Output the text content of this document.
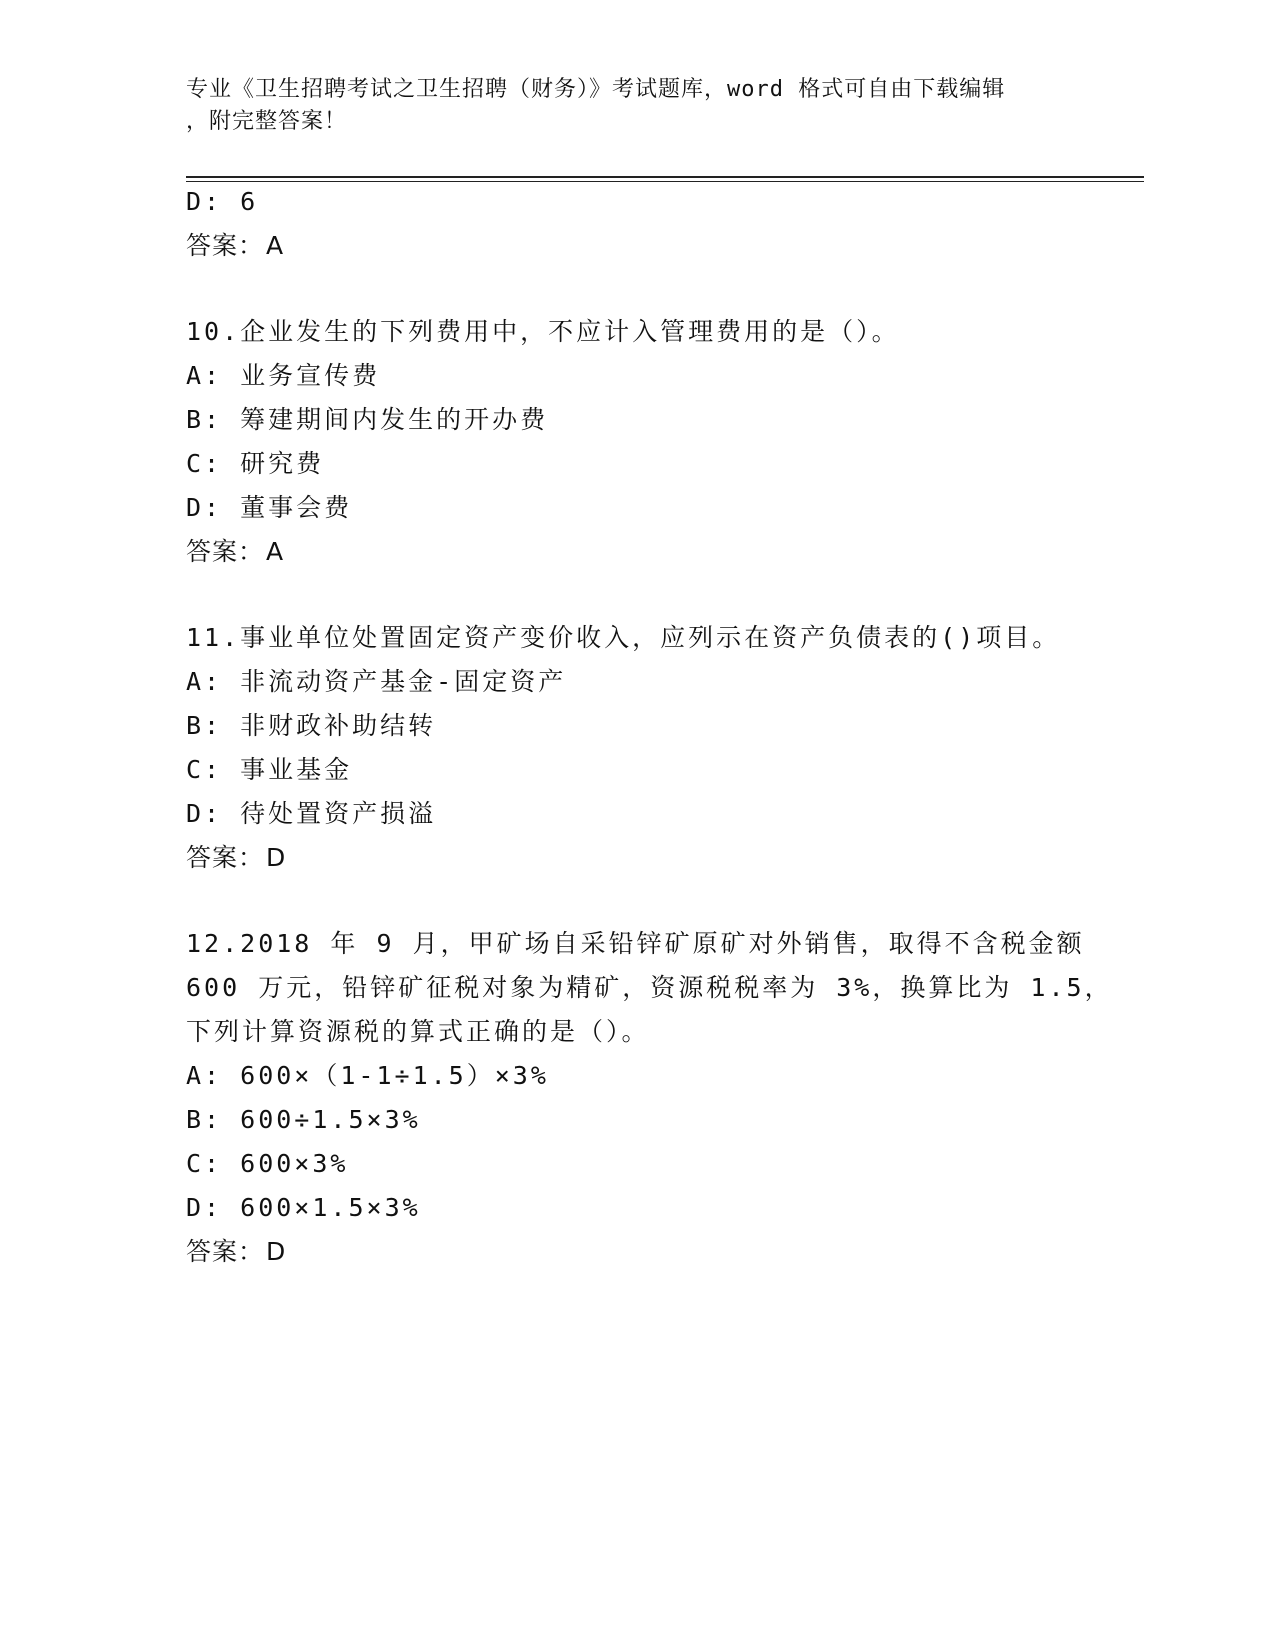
专业《卫生招聘考试之卫生招聘（财务）》考试题库，word 格式可自由下载编辑
，附完整答案！
D: 6
答案：A
10.企业发生的下列费用中，不应计入管理费用的是（）。
A: 业务宣传费
B: 筹建期间内发生的开办费
C: 研究费
D: 董事会费
答案：A
11.事业单位处置固定资产变价收入，应列示在资产负债表的()项目。
A: 非流动资产基金-固定资产
B: 非财政补助结转
C: 事业基金
D: 待处置资产损溢
答案：D
12.2018 年 9 月，甲矿场自采铅锌矿原矿对外销售，取得不含税金额
600 万元，铅锌矿征税对象为精矿，资源税税率为 3%，换算比为 1.5，
下列计算资源税的算式正确的是（）。
A: 600×（1-1÷1.5）×3%
B: 600÷1.5×3%
C: 600×3%
D: 600×1.5×3%
答案：D
